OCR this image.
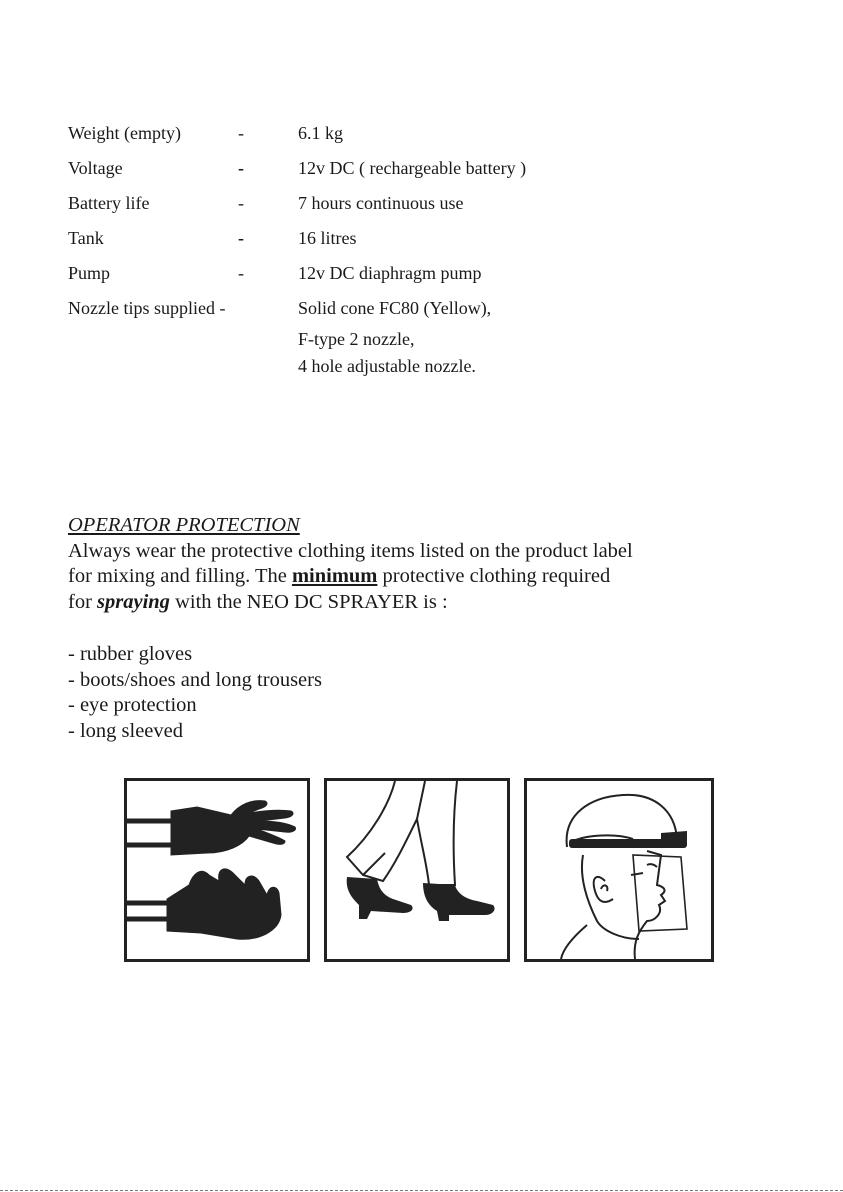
Weight (empty)	-	6.1 kg

Voltage	-	12v DC ( rechargeable battery )

Battery life	-	7 hours continuous use

Tank	-	16 litres

Pump	-	12v DC diaphragm pump

Nozzle tips supplied -		Solid cone FC80 (Yellow),
F-type 2 nozzle,
4 hole adjustable nozzle.
OPERATOR PROTECTION
Always wear the protective clothing items listed on the product label
for mixing and filling. The minimum protective clothing required
for spraying with the NEO DC SPRAYER is :
- rubber gloves
- boots/shoes and long trousers
- eye protection
- long sleeved
